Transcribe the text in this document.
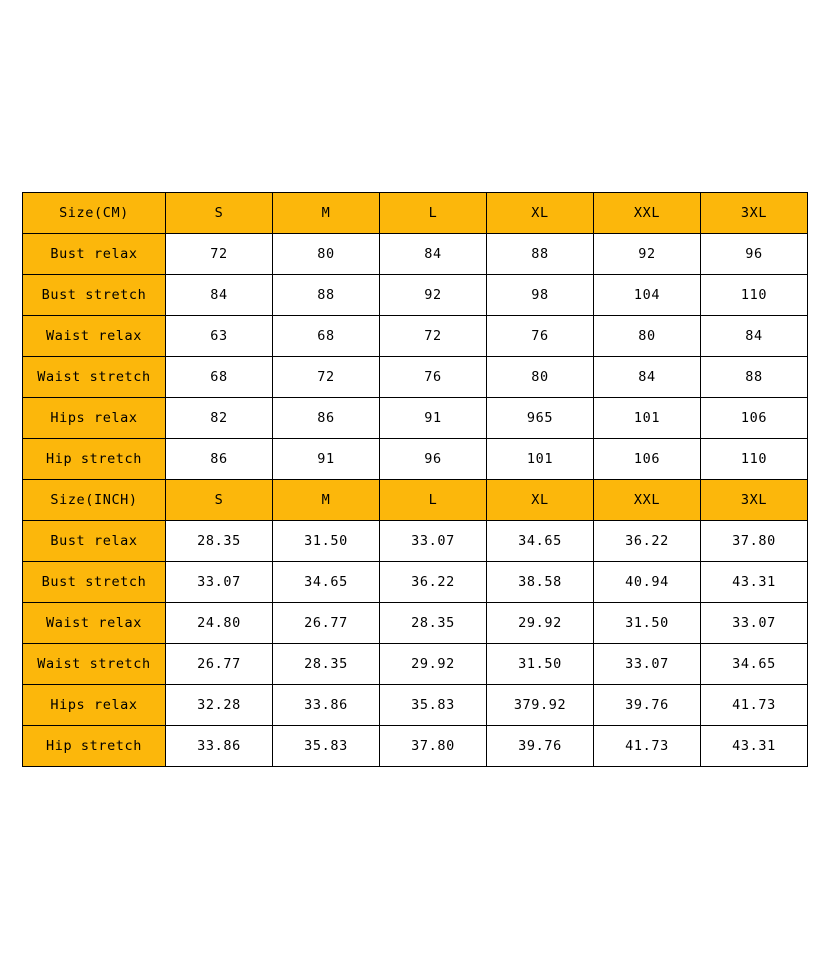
Size(CM)	S	M	L	XL	XXL	3XL
Bust relax	72	80	84	88	92	96
Bust stretch	84	88	92	98	104	110
Waist relax	63	68	72	76	80	84
Waist stretch	68	72	76	80	84	88
Hips relax	82	86	91	965	101	106
Hip stretch	86	91	96	101	106	110
Size(INCH)	S	M	L	XL	XXL	3XL
Bust relax	28.35	31.50	33.07	34.65	36.22	37.80
Bust stretch	33.07	34.65	36.22	38.58	40.94	43.31
Waist relax	24.80	26.77	28.35	29.92	31.50	33.07
Waist stretch	26.77	28.35	29.92	31.50	33.07	34.65
Hips relax	32.28	33.86	35.83	379.92	39.76	41.73
Hip stretch	33.86	35.83	37.80	39.76	41.73	43.31
